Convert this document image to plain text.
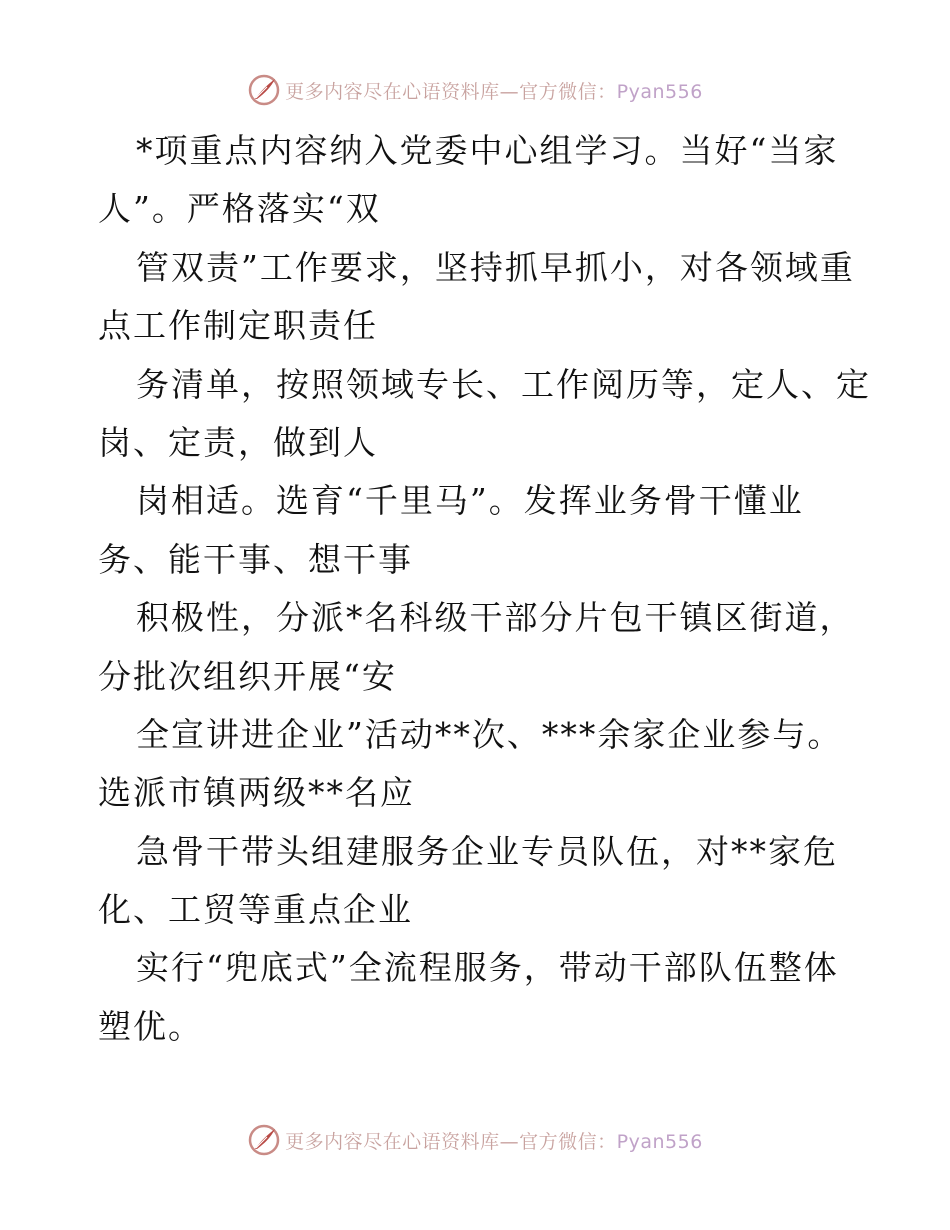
更多内容尽在心语资料库—官方微信：Pyan556
*项重点内容纳入党委中心组学习。当好“当家
人”。严格落实“双
管双责”工作要求，坚持抓早抓小，对各领域重
点工作制定职责任
务清单，按照领域专长、工作阅历等，定人、定
岗、定责，做到人
岗相适。选育“千里马”。发挥业务骨干懂业
务、能干事、想干事
积极性，分派*名科级干部分片包干镇区街道，
分批次组织开展“安
全宣讲进企业”活动**次、***余家企业参与。
选派市镇两级**名应
急骨干带头组建服务企业专员队伍，对**家危
化、工贸等重点企业
实行“兜底式”全流程服务，带动干部队伍整体
塑优。
更多内容尽在心语资料库—官方微信：Pyan556
